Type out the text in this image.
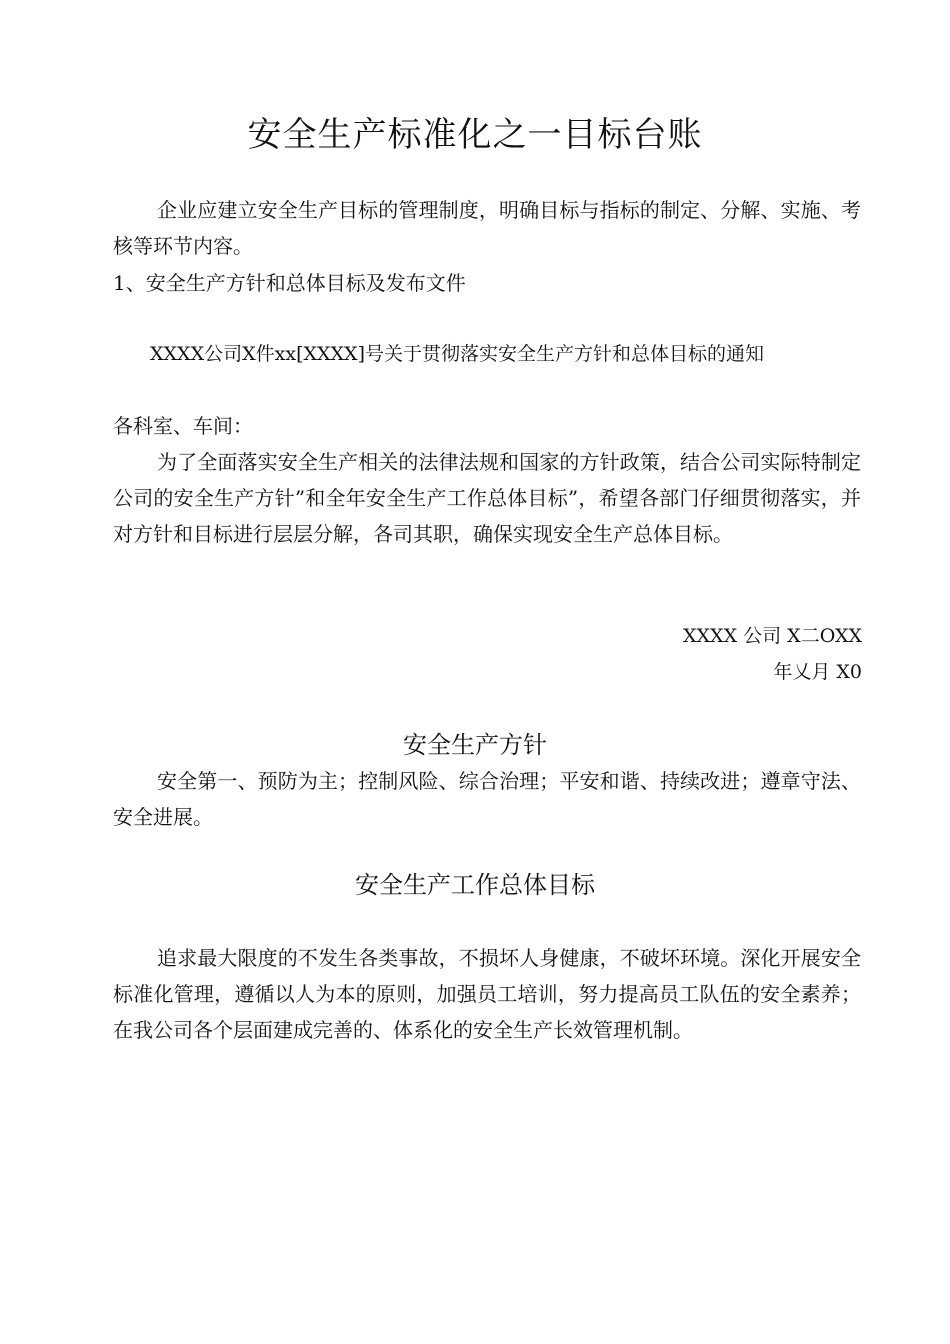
安全生产标准化之一目标台账
企业应建立安全生产目标的管理制度，明确目标与指标的制定、分解、实施、考核等环节内容。
1、安全生产方针和总体目标及发布文件
XXXX公司X件xx[XXXX]号关于贯彻落实安全生产方针和总体目标的通知
各科室、车间：
为了全面落实安全生产相关的法律法规和国家的方针政策，结合公司实际特制定公司的安全生产方针”和全年安全生产工作总体目标”，希望各部门仔细贯彻落实，并对方针和目标进行层层分解，各司其职，确保实现安全生产总体目标。
XXXX 公司 X二OXX
年乂月 X0
安全生产方针
安全第一、预防为主；控制风险、综合治理；平安和谐、持续改进；遵章守法、安全进展。
安全生产工作总体目标
追求最大限度的不发生各类事故，不损坏人身健康，不破坏环境。深化开展安全标准化管理，遵循以人为本的原则，加强员工培训，努力提高员工队伍的安全素养；在我公司各个层面建成完善的、体系化的安全生产长效管理机制。
